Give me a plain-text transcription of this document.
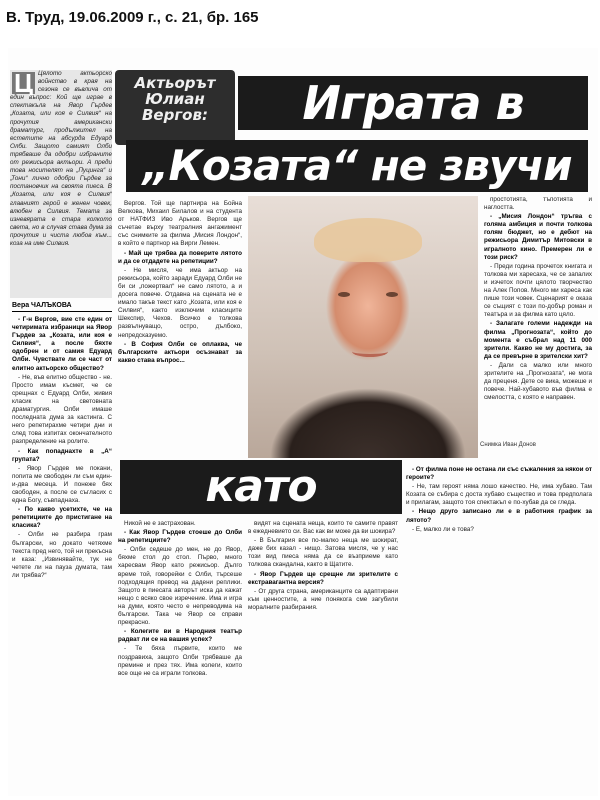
В. Труд, 19.06.2009 г., с. 21, бр. 165
Ц Цялото актьорско войнство в края на сезона се въвлича от един въпрос: Кой ще играе в спектакъла на Явор Гърдев „Козата, или коя е Силвия“ на прочутия американски драматург, продължител на естетите на абсурда Едуард Олби. Защото самият Олби трябваше да одобри избраните от режисьора актьори. А преди това носителят на „Пуцинга“ и „Тони“ лично одобри Гърдев за постановчик на своята пиеса. В „Козата, или коя е Силвия“ главният герой е женен човек, влюбен в Силвия. Темата за изневярата е стара колкото света, но в случая става дума за прочутия и чиста любов към... коза на име Силвия.
Вера ЧАЛЪКОВА
Актьорът Юлиан Вергов:	Играта в
„Козата“ не звучи
Снимка Иван Донов
като

- Г-н Вергов, вие сте един от четиримата избраници на Явор Гърдев за „Козата, или коя е Силвия“, а после бяхте одобрен и от самия Едуард Олби. Чувствате ли се част от елитно актьорско общество?

- Не, във елитно общество - не. Просто имам късмет, че се срещнах с Едуард Олби, живия класик на световната драматургия. Олби имаше последната дума за кастинга. С него репетирахме четири дни и след това изпитах окончателното разпределение на ролите.

- Как попаднахте в „А“ групата?

- Явор Гърдев ме покани, попита ме свободен ли съм един-и-два месеца. И понеже бях свободен, а после се съгласих с една Богу, съвпаднаха.

- По какво усетихте, че на репетициите до пристигане на класика?

- Олби не разбира грам български, но докато четяхме текста пред него, той ни прекъсна и каза: „Извинявайте, тук не четете ли на пауза думата, там ли трябва?“

Вергов. Той ще партнира на Бойна Велкова, Михаил Билалов и на студента от НАТФИЗ Ивo Арьков. Вергов ще съчетае върху театралния ангажимент със снимките за филма „Мисия Лондон“, в който е партнор на Вирги Лемен.

- Май ще трябва да поверите лятото и да се отдадете на репетиции?

- Не мисля, че има актьор на режисьора, който заради Едуард Олби не би си „пожертвал“ не само лятото, а и досега повече. Отдавна на сцената не е имало такъв текст като „Козата, или коя е Силвия“, както изключим класиците Шекспир, Чехов. Всичко е толкова развълнуващо, остро, дълбоко, непредсказуемо.

- В София Олби се оплаква, че българските актьори осъзнават за какво става въпрос...

Никой не е застрахован.

- Как Явор Гърдев стоеше до Олби на репетициите?

- Олби седеше до мен, не до Явор, бяхме стол до стол. Първо, много харесвам Явор като режисьор. Дълго време той, говорейки с Олби, търсеше подходящия превод на дадени реплики. Защото в пиесата авторът иска да кажат нещо с всяко свое изречение. Има и игра на думи, която често е непреводима на български. Така че Явор се справи прекрасно.

- Колегите ви в Народния театър радват ли се на вашия успех?

- Те бяха първите, които ме поздравиха, защото Олби трябваше да премине и през тях. Има колеги, които все още не са играли толкова.

видят на сцената неща, които те самите правят в ежедневието си. Вас как ви може да ви шокира?

- В България все по-малко неща ме шокират, даже бих казал - нищо. Затова мисля, че у нас този вид пиеса няма да се възприеме като толкова скандална, както в Щатите.

- Явор Гърдев ще срещне ли зрителите с екстравагантна версия?

- От друга страна, американците са адаптирани към ценностите, а ние понякога сме загубили моралните разбирания.

простотията, тъпотията и наглостта.

- „Мисия Лондон“ тръгва с голяма амбиция и почти толкова голям бюджет, но е дебют на режисьора Димитър Митовски в игралното кино. Премерен ли е този риск?

- Преди година прочетох книгата и толкова ми харесаха, че се запалих и изчетох почти цялото творчество на Алек Попов. Много ми хареса как пише този човек. Сценарият е оказа се същият с този по-добър роман и театъра и за филма като цяло.

- Залагате големи надежди на филма „Прогнозата“, който до момента е събрал над 11 000 зрители. Какво не му достига, за да се превърне в зрителски хит?

- Дали са малко или много зрителите на „Прогнозата“, не мога да преценя. Дете се вика, можеше и повече. Най-хубавото във филма е смелостта, с която е направен.

- От филма поне не остана ли със съжаления за някои от героите?

- Не, там героят няма лошо качество. Не, има хубаво. Там Козата се събира с доста хубаво същество и това предполага и прилагам, защото тоя спектакъл е по-хубав да се гледа.

- Нещо друго записано ли е в работния график за лятото?

- Е, малко ли е това?
